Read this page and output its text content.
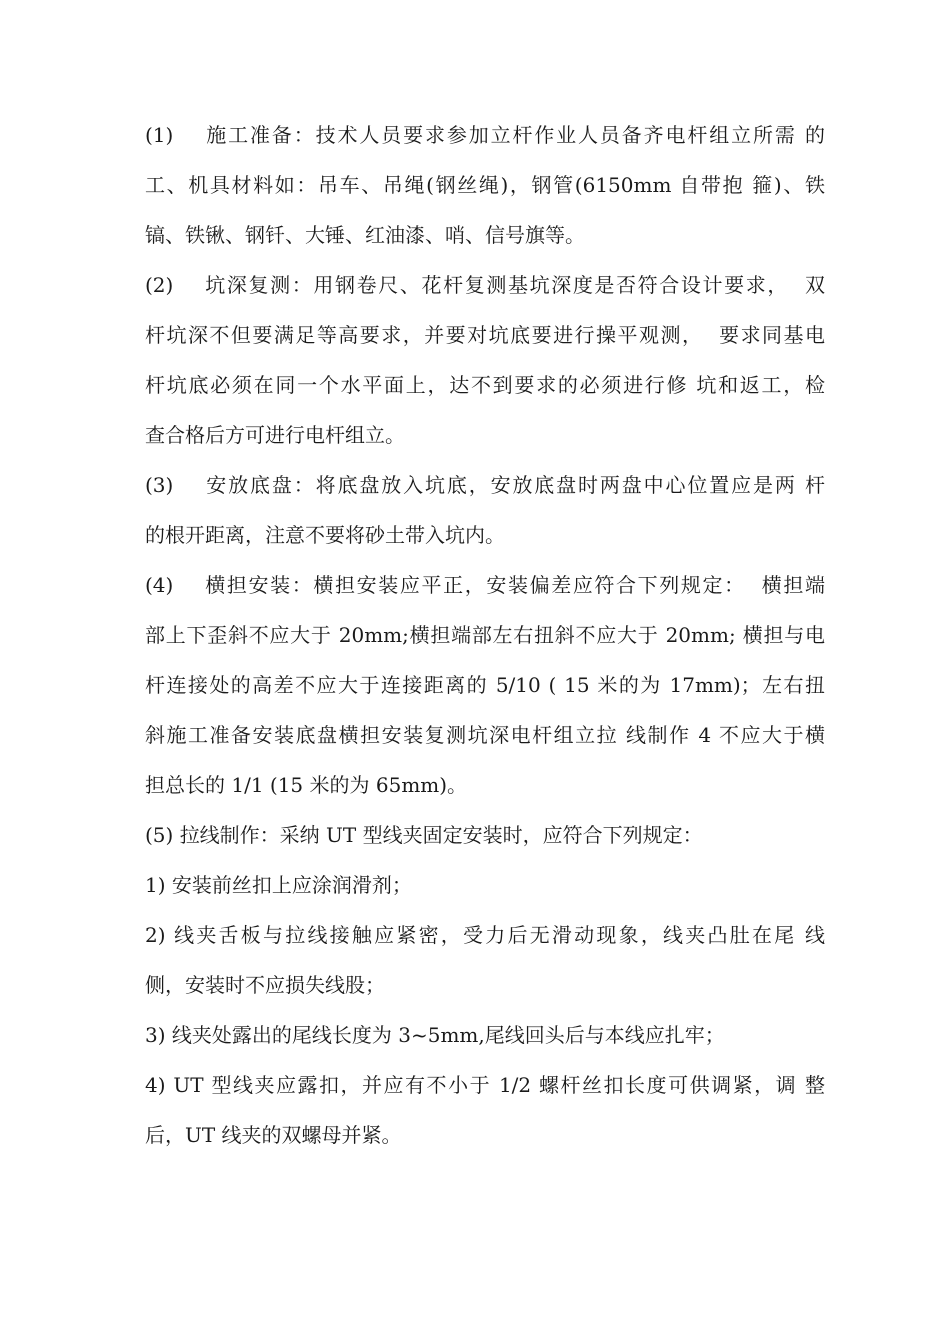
(1)    施工准备：技术人员要求参加立杆作业人员备齐电杆组立所需 的
工、机具材料如：吊车、吊绳(钢丝绳)，钢管(6150mm 自带抱 箍)、铁
镐、铁锹、钢钎、大锤、红油漆、哨、信号旗等。
(2)    坑深复测：用钢卷尺、花杆复测基坑深度是否符合设计要求，  双
杆坑深不但要满足等高要求，并要对坑底要进行操平观测，  要求同基电
杆坑底必须在同一个水平面上，达不到要求的必须进行修 坑和返工，检
查合格后方可进行电杆组立。
(3)    安放底盘：将底盘放入坑底，安放底盘时两盘中心位置应是两 杆
的根开距离，注意不要将砂土带入坑内。
(4)    横担安装：横担安装应平正，安装偏差应符合下列规定：  横担端
部上下歪斜不应大于 20mm;横担端部左右扭斜不应大于 20mm; 横担与电
杆连接处的高差不应大于连接距离的 5/10 ( 15 米的为 17mm)；左右扭
斜施工准备安装底盘横担安装复测坑深电杆组立拉 线制作 4 不应大于横
担总长的 1/1 (15 米的为 65mm)。
(5) 拉线制作：采纳 UT 型线夹固定安装时，应符合下列规定：
1) 安装前丝扣上应涂润滑剂；
2) 线夹舌板与拉线接触应紧密，受力后无滑动现象，线夹凸肚在尾 线
侧，安装时不应损失线股；
3) 线夹处露出的尾线长度为 3~5mm,尾线回头后与本线应扎牢；
4) UT 型线夹应露扣，并应有不小于 1/2 螺杆丝扣长度可供调紧，调 整
后，UT 线夹的双螺母并紧。
